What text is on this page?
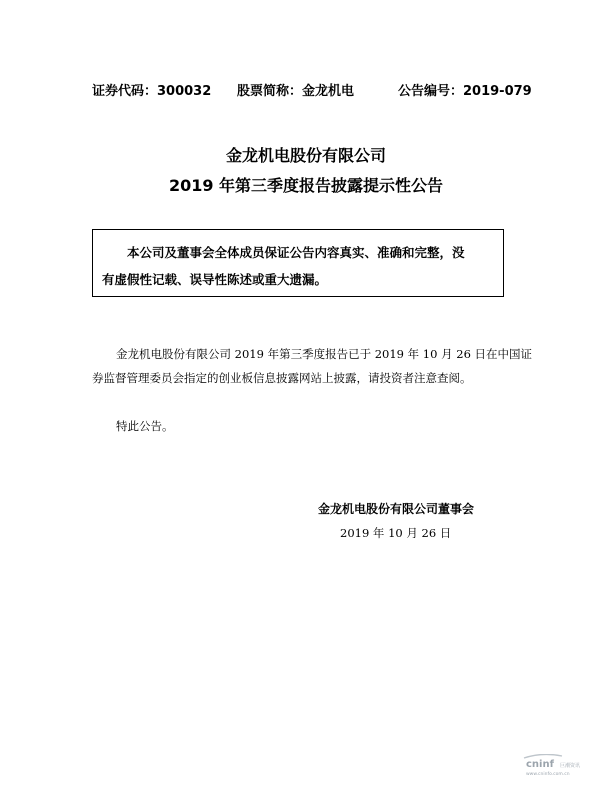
证券代码：300032 股票简称：金龙机电	公告编号：2019-079
金龙机电股份有限公司
2019 年第三季度报告披露提示性公告
本公司及董事会全体成员保证公告内容真实、准确和完整，没
有虚假性记载、误导性陈述或重大遗漏。
金龙机电股份有限公司 2019 年第三季度报告已于 2019 年 10 月 26 日在中国证
券监督管理委员会指定的创业板信息披露网站上披露，请投资者注意查阅。
特此公告。
金龙机电股份有限公司董事会
2019 年 10 月 26 日
cninf 巨潮资讯
www.cninfo.com.cn
